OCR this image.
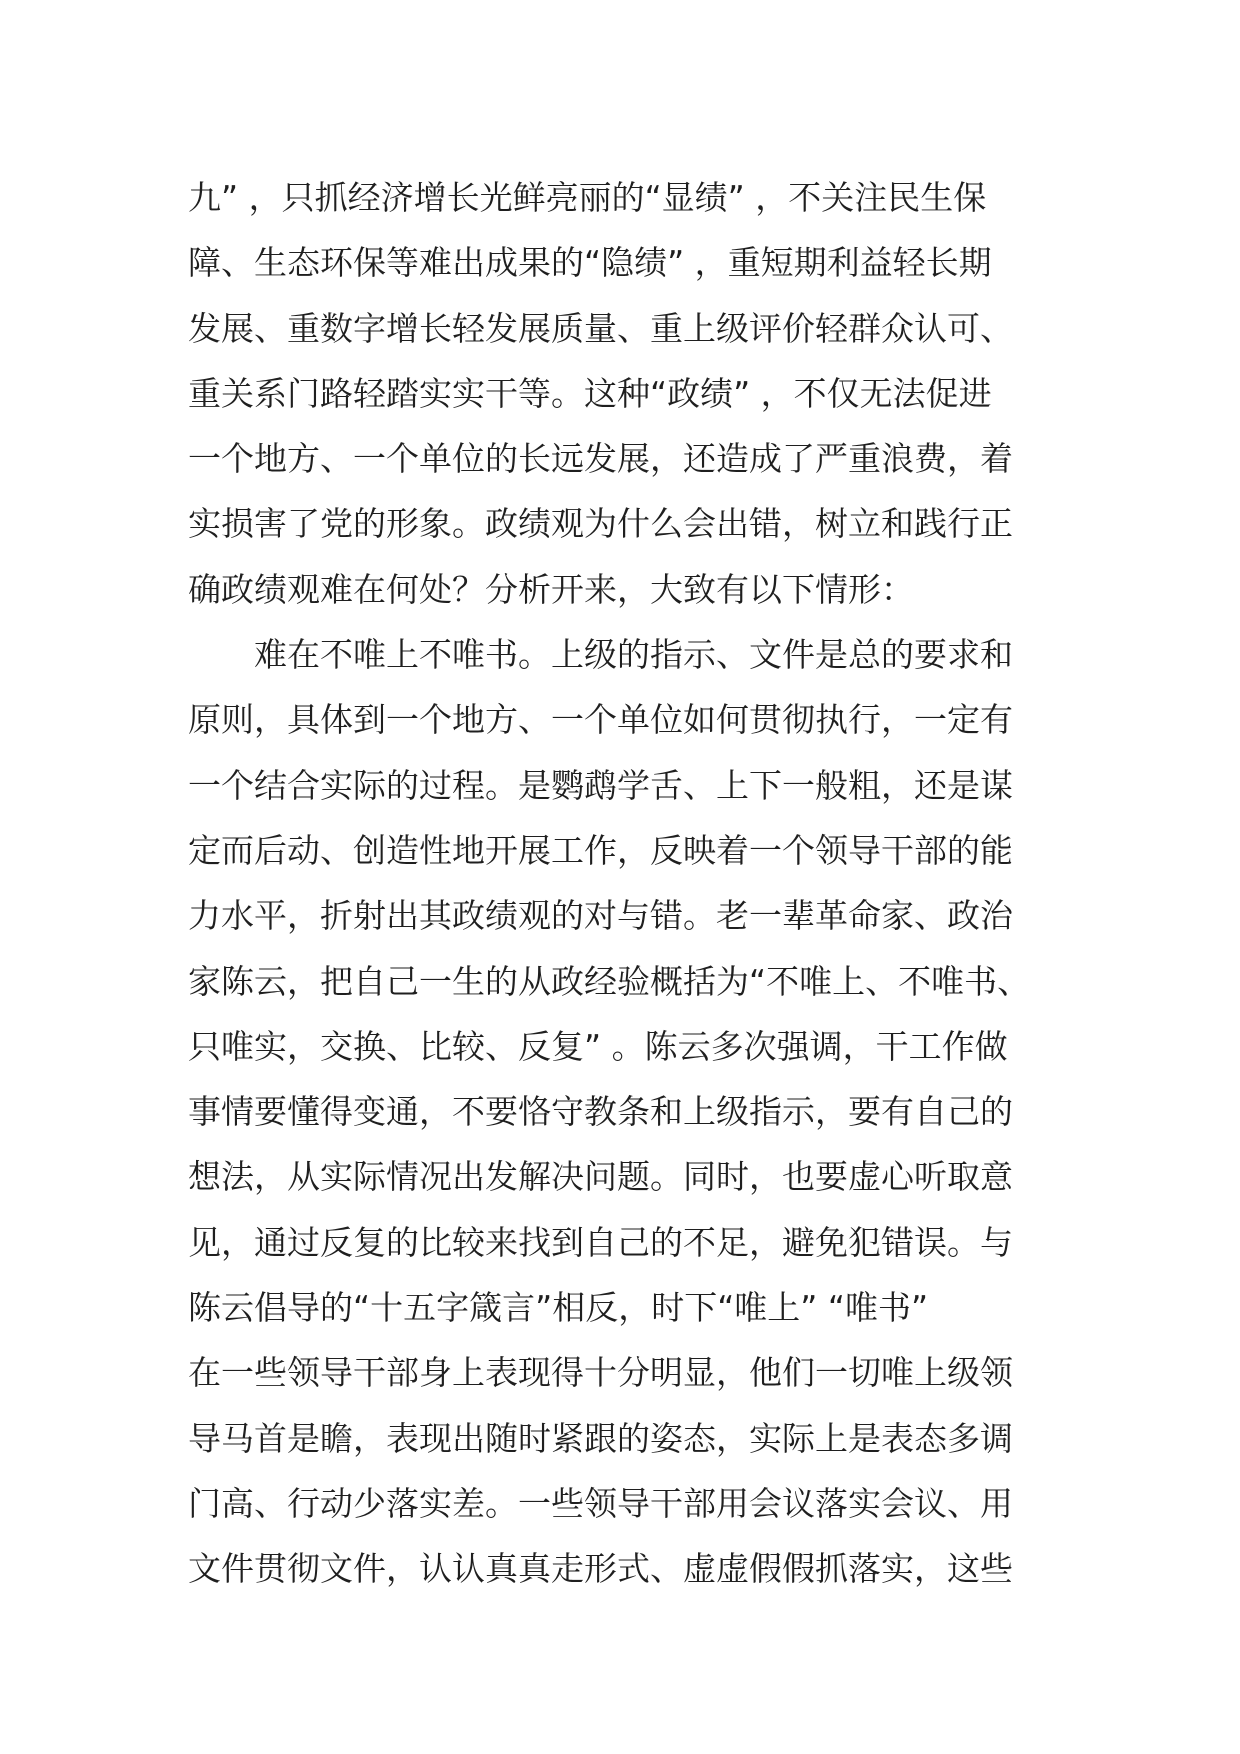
九” ，只抓经济增长光鲜亮丽的“显绩” ，不关注民生保
障、生态环保等难出成果的“隐绩” ，重短期利益轻长期
发展、重数字增长轻发展质量、重上级评价轻群众认可、
重关系门路轻踏实实干等。这种“政绩” ，不仅无法促进
一个地方、一个单位的长远发展，还造成了严重浪费，着
实损害了党的形象。政绩观为什么会出错，树立和践行正
确政绩观难在何处？分析开来，大致有以下情形：
　　难在不唯上不唯书。上级的指示、文件是总的要求和
原则，具体到一个地方、一个单位如何贯彻执行，一定有
一个结合实际的过程。是鹦鹉学舌、上下一般粗，还是谋
定而后动、创造性地开展工作，反映着一个领导干部的能
力水平，折射出其政绩观的对与错。老一辈革命家、政治
家陈云，把自己一生的从政经验概括为“不唯上、不唯书、
只唯实，交换、比较、反复” 。陈云多次强调，干工作做
事情要懂得变通，不要恪守教条和上级指示，要有自己的
想法，从实际情况出发解决问题。同时，也要虚心听取意
见，通过反复的比较来找到自己的不足，避免犯错误。与
陈云倡导的“十五字箴言”相反，时下“唯上” “唯书”
在一些领导干部身上表现得十分明显，他们一切唯上级领
导马首是瞻，表现出随时紧跟的姿态，实际上是表态多调
门高、行动少落实差。一些领导干部用会议落实会议、用
文件贯彻文件，认认真真走形式、虚虚假假抓落实，这些
